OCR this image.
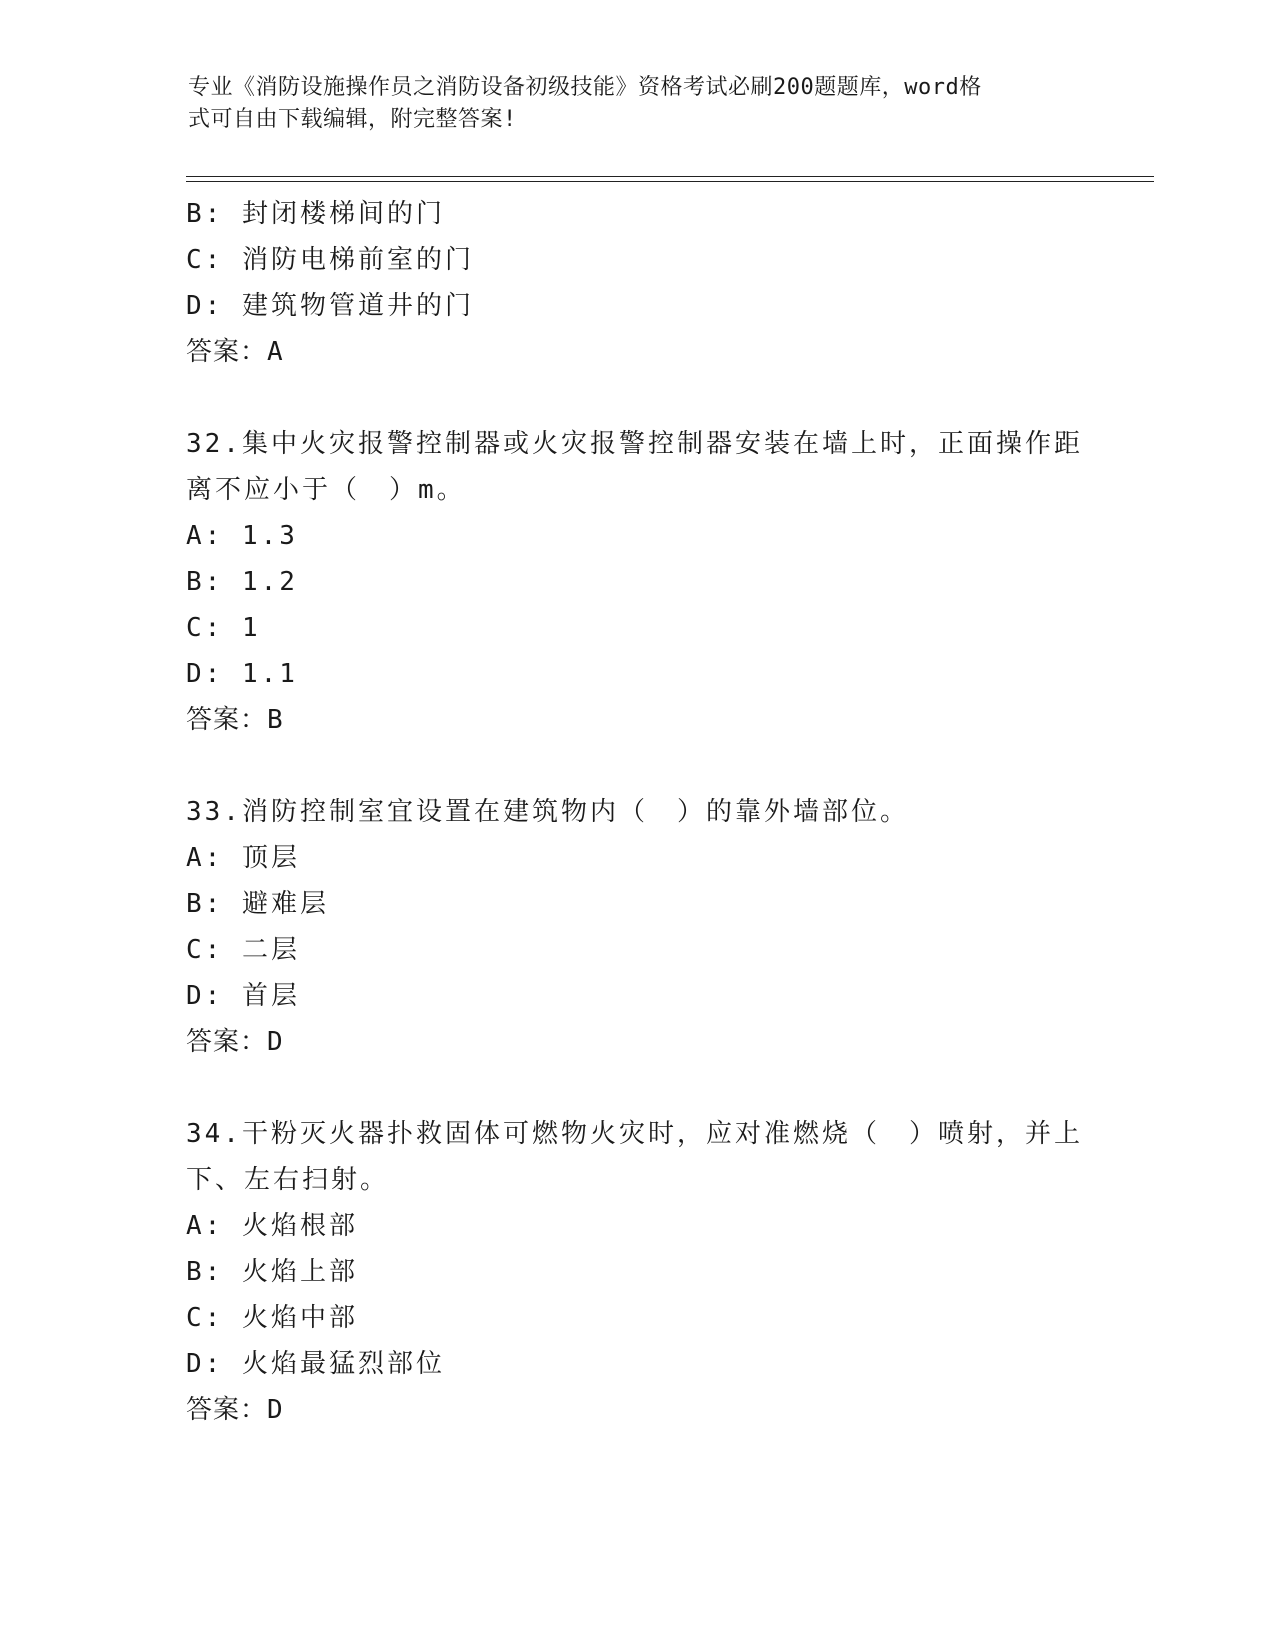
专业《消防设施操作员之消防设备初级技能》资格考试必刷200题题库，word格
式可自由下载编辑，附完整答案!
B: 封闭楼梯间的门
C: 消防电梯前室的门
D: 建筑物管道井的门
答案：A
32.集中火灾报警控制器或火灾报警控制器安装在墙上时，正面操作距
离不应小于（　）m。
A: 1.3
B: 1.2
C: 1
D: 1.1
答案：B
33.消防控制室宜设置在建筑物内（　）的靠外墙部位。
A: 顶层
B: 避难层
C: 二层
D: 首层
答案：D
34.干粉灭火器扑救固体可燃物火灾时，应对准燃烧（　）喷射，并上
下、左右扫射。
A: 火焰根部
B: 火焰上部
C: 火焰中部
D: 火焰最猛烈部位
答案：D
